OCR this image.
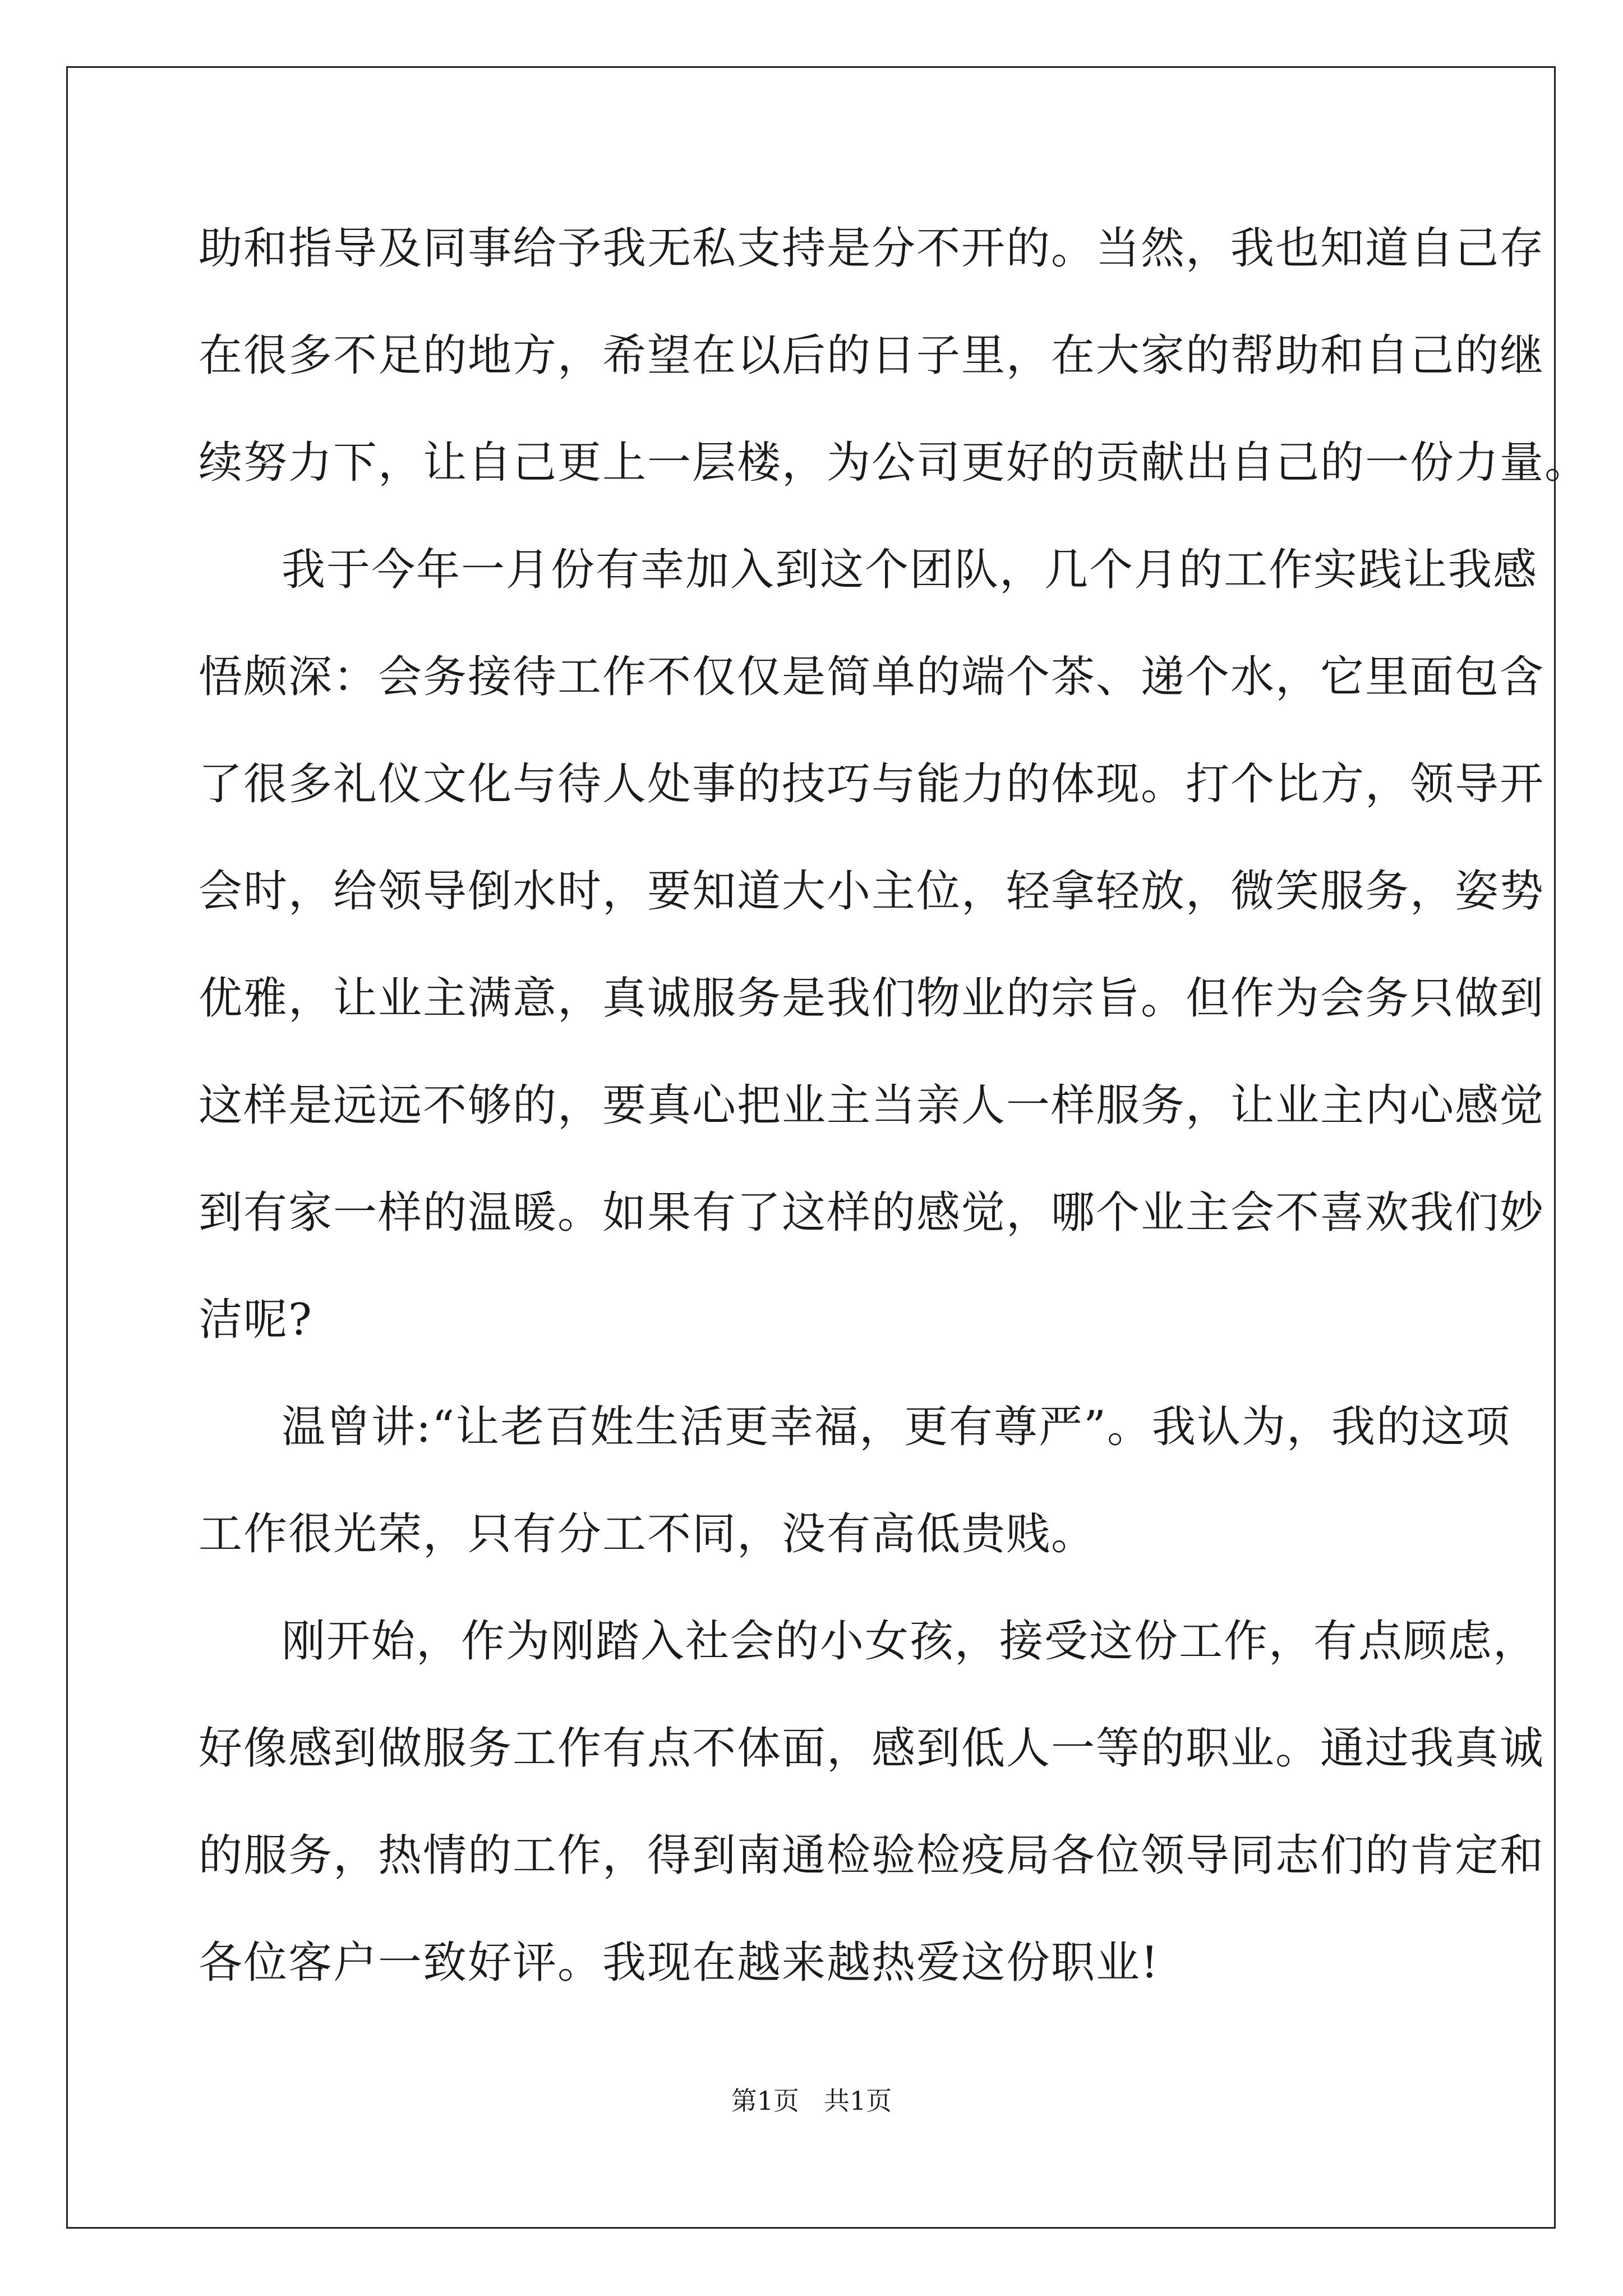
助和指导及同事给予我无私支持是分不开的。当然，我也知道自己存
在很多不足的地方，希望在以后的日子里，在大家的帮助和自己的继
续努力下，让自己更上一层楼，为公司更好的贡献出自己的一份力量。
我于今年一月份有幸加入到这个团队，几个月的工作实践让我感
悟颇深：会务接待工作不仅仅是简单的端个茶、递个水，它里面包含
了很多礼仪文化与待人处事的技巧与能力的体现。打个比方，领导开
会时，给领导倒水时，要知道大小主位，轻拿轻放，微笑服务，姿势
优雅，让业主满意，真诚服务是我们物业的宗旨。但作为会务只做到
这样是远远不够的，要真心把业主当亲人一样服务，让业主内心感觉
到有家一样的温暖。如果有了这样的感觉，哪个业主会不喜欢我们妙
洁呢?
温曾讲:“让老百姓生活更幸福，更有尊严”。我认为，我的这项
工作很光荣，只有分工不同，没有高低贵贱。
刚开始，作为刚踏入社会的小女孩，接受这份工作，有点顾虑，
好像感到做服务工作有点不体面，感到低人一等的职业。通过我真诚
的服务，热情的工作，得到南通检验检疫局各位领导同志们的肯定和
各位客户一致好评。我现在越来越热爱这份职业!
第1页 共1页
